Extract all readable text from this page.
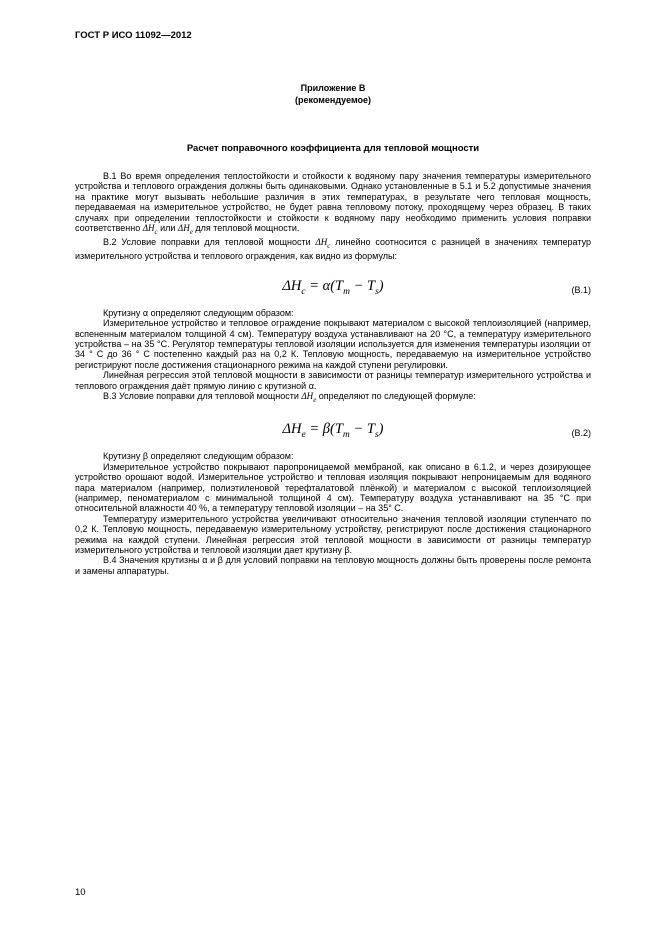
ГОСТ Р ИСО 11092—2012
Приложение В
(рекомендуемое)
Расчет поправочного коэффициента для тепловой мощности

В.1 Во время определения теплостойкости и стойкости к водяному пару значения температуры измерительного устройства и теплового ограждения должны быть одинаковыми. Однако установленные в 5.1 и 5.2 допустимые значения на практике могут вызывать небольшие различия в этих температурах, в результате чего тепловая мощность, передаваемая на измерительное устройство, не будет равна тепловому потоку, проходящему через образец. В таких случаях при определении теплостойкости и стойкости к водяному пару необходимо применить условия поправки соответственно $\Delta H_c$ или $\Delta H_e$ для тепловой мощности.

В.2 Условие поправки для тепловой мощности $\Delta H_c$ линейно соотносится с разницей в значениях температур измерительного устройства и теплового ограждения, как видно из формулы:

$\Delta H_c = \alpha(T_m - T_s)$	(В.1)

Крутизну α определяют следующим образом:

Измерительное устройство и тепловое ограждение покрывают материалом с высокой теплоизоляцией (например, вспененным материалом толщиной 4 см). Температуру воздуха устанавливают на 20 °С, а температуру измерительного устройства – на 35 °С. Регулятор температуры тепловой изоляции используется для изменения температуры изоляции от 34 ° С до 36 ° С постепенно каждый раз на 0,2 К. Тепловую мощность, передаваемую на измерительное устройство регистрируют после достижения стационарного режима на каждой ступени регулировки.

Линейная регрессия этой тепловой мощности в зависимости от разницы температур измерительного устройства и теплового ограждения даёт прямую линию с крутизной α.

В.3 Условие поправки для тепловой мощности $\Delta H_e$ определяют по следующей формуле:

$\Delta H_e = \beta(T_m - T_s)$	(В.2)

Крутизну β определяют следующим образом:

Измерительное устройство покрывают паропроницаемой мембраной, как описано в 6.1.2, и через дозирующее устройство орошают водой. Измерительное устройство и тепловая изоляция покрывают непроницаемым для водяного пара материалом (например, полиэтиленовой терефталатовой плёнкой) и материалом с высокой теплоизоляцией (например, пеноматериалом с минимальной толщиной 4 см). Температуру воздуха устанавливают на 35 °С при относительной влажности 40 %, а температуру тепловой изоляции – на 35° С.

Температуру измерительного устройства увеличивают относительно значения тепловой изоляции ступенчато по 0,2 К. Тепловую мощность, передаваемую измерительному устройству, регистрируют после достижения стационарного режима на каждой ступени. Линейная регрессия этой тепловой мощности в зависимости от разницы температур измерительного устройства и тепловой изоляции дает крутизну β.

В.4 Значения крутизны α и β для условий поправки на тепловую мощность должны быть проверены после ремонта и замены аппаратуры.

10
